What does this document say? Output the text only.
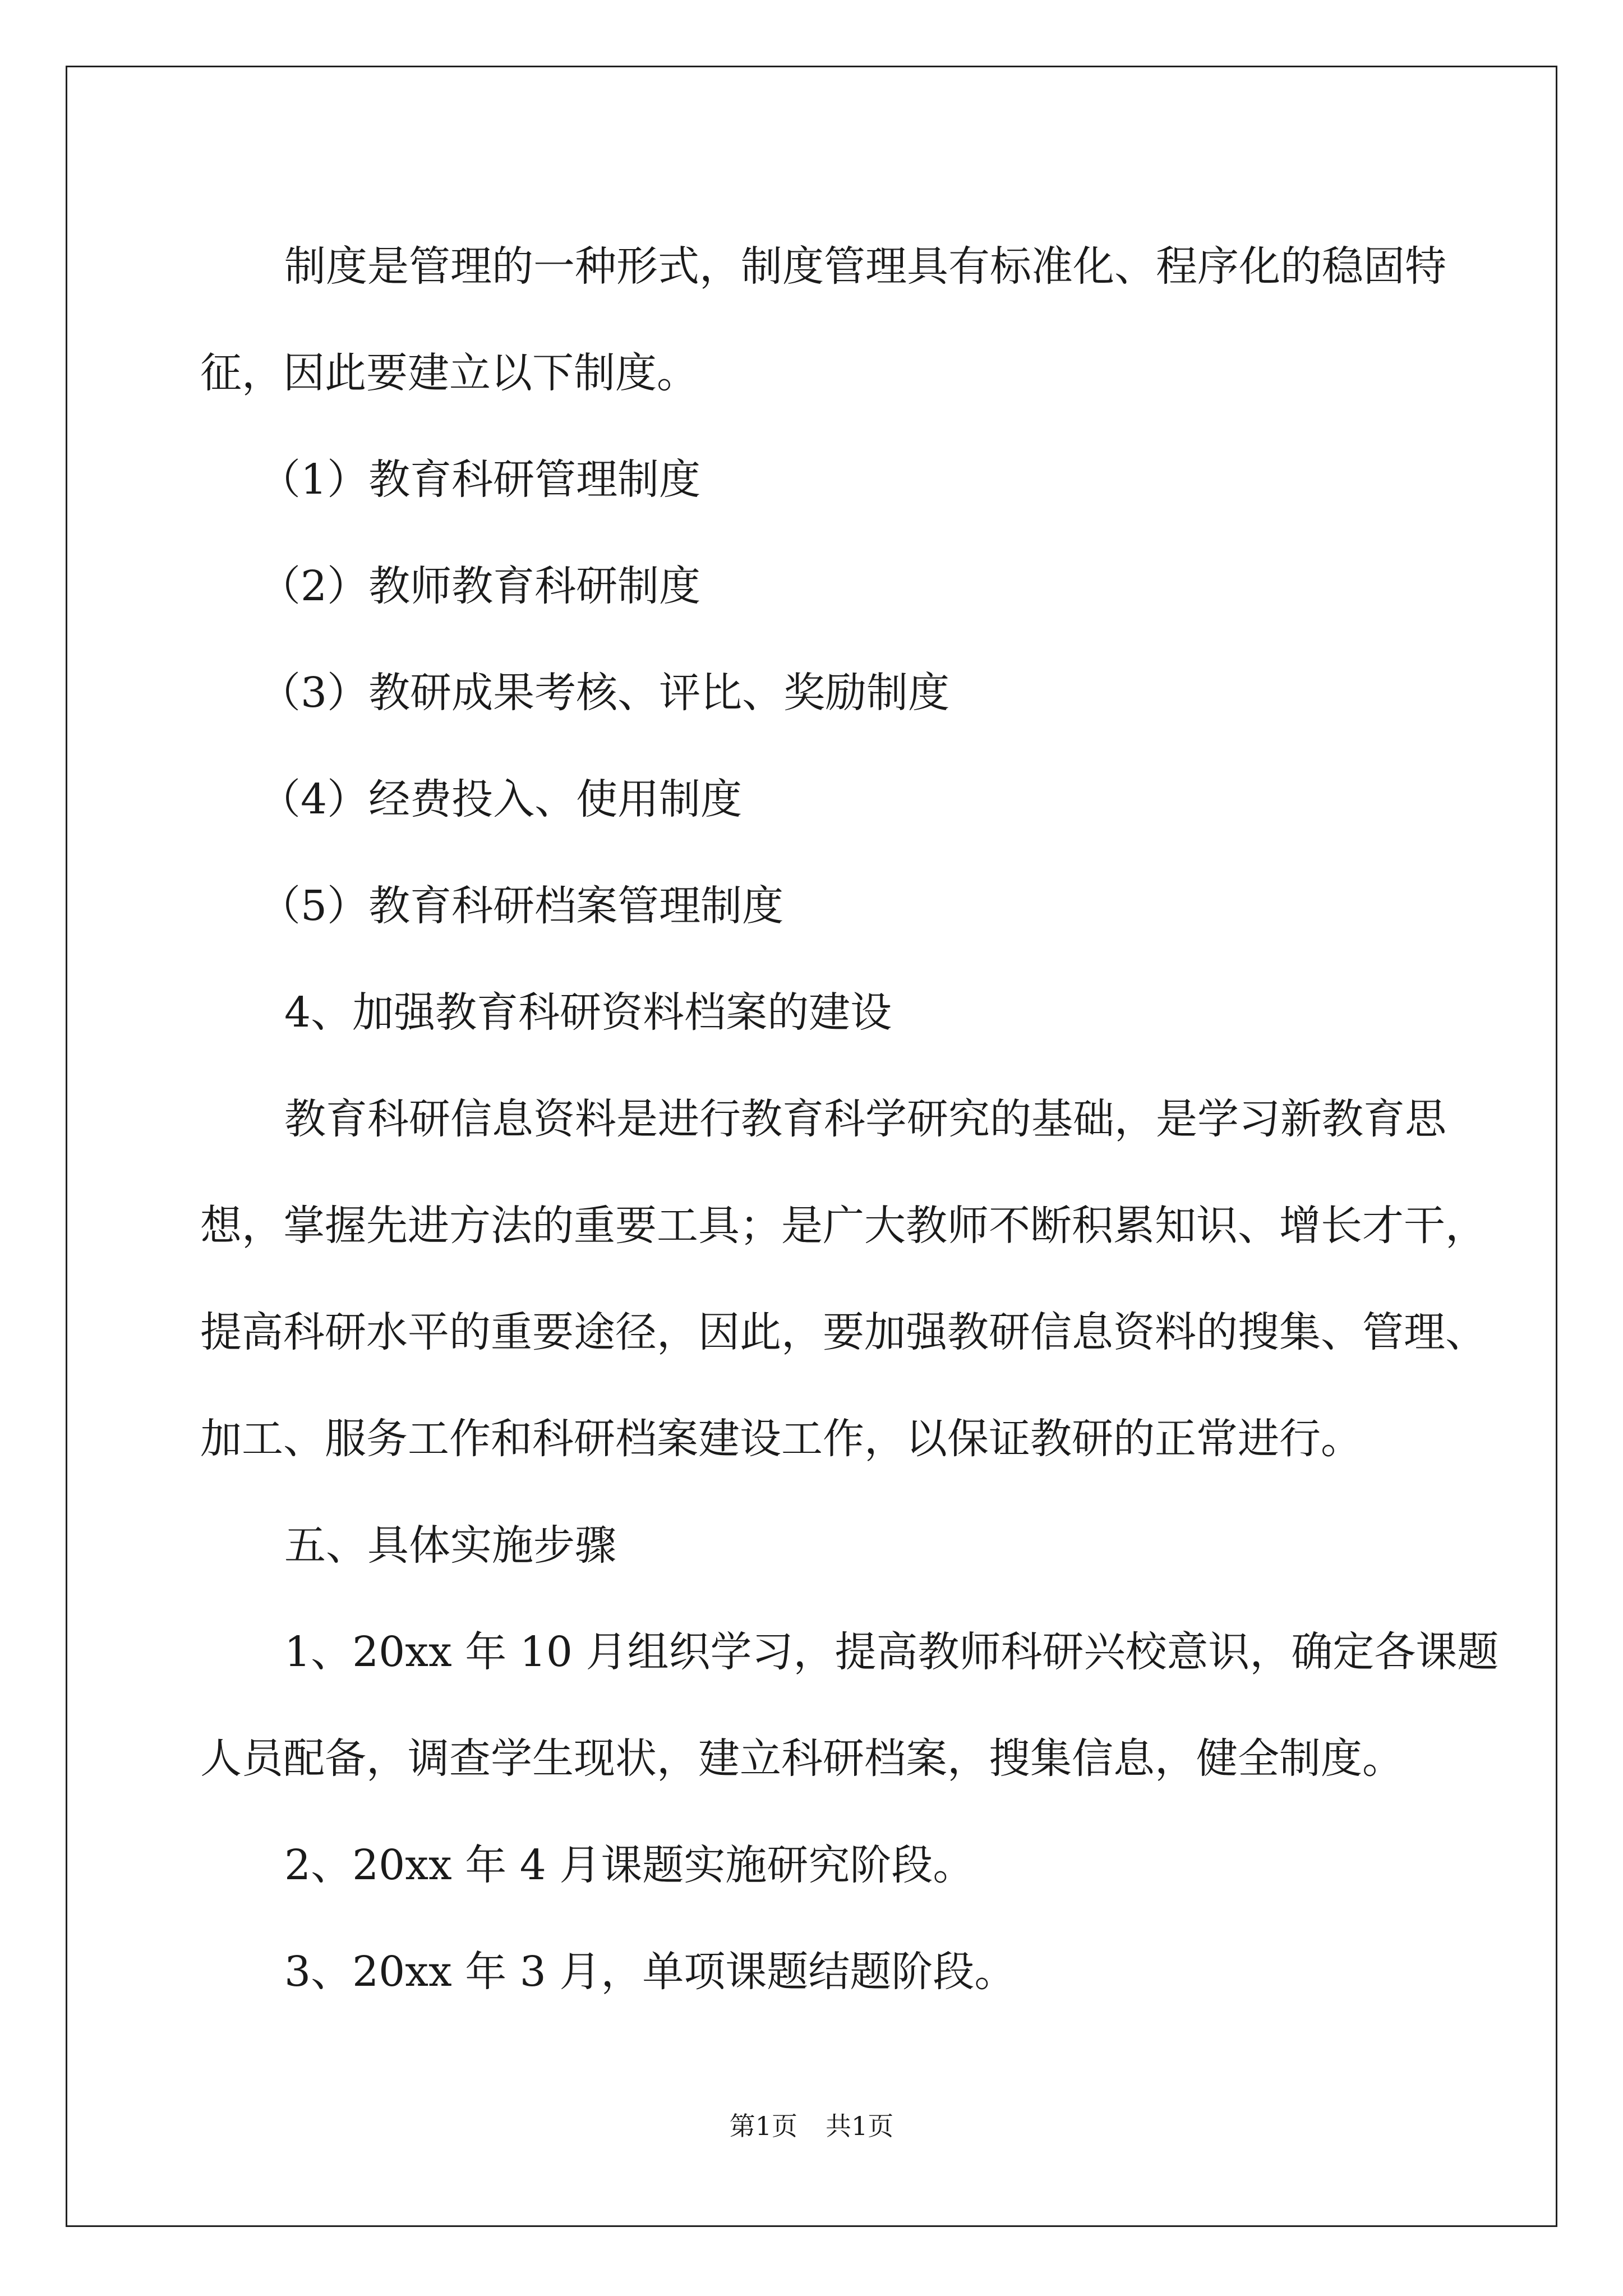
制度是管理的一种形式，制度管理具有标准化、程序化的稳固特
征，因此要建立以下制度。
（1）教育科研管理制度
（2）教师教育科研制度
（3）教研成果考核、评比、奖励制度
（4）经费投入、使用制度
（5）教育科研档案管理制度
4、加强教育科研资料档案的建设
教育科研信息资料是进行教育科学研究的基础，是学习新教育思
想，掌握先进方法的重要工具；是广大教师不断积累知识、增长才干，
提高科研水平的重要途径，因此，要加强教研信息资料的搜集、管理、
加工、服务工作和科研档案建设工作，以保证教研的正常进行。
五、具体实施步骤
1、20xx 年 10 月组织学习，提高教师科研兴校意识，确定各课题
人员配备，调查学生现状，建立科研档案，搜集信息，健全制度。
2、20xx 年 4 月课题实施研究阶段。
3、20xx 年 3 月，单项课题结题阶段。
第1页 共1页
